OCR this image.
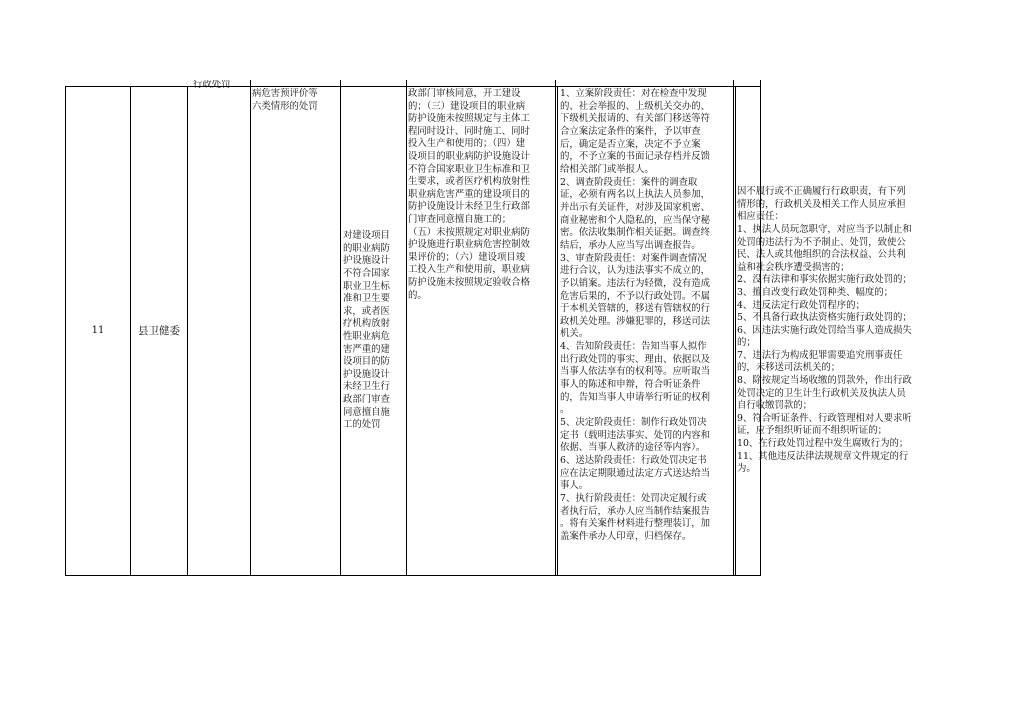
11	县卫健委
行政处罚
病危害预评价等
六类情形的处罚
对建设项目
的职业病防
护设施设计
不符合国家
职业卫生标
准和卫生要
求，或者医
疗机构放射
性职业病危
害严重的建
设项目的防
护设施设计
未经卫生行
政部门审查
同意擅自施
工的处罚
政部门审核同意，开工建设
的；（三）建设项目的职业病
防护设施未按照规定与主体工
程同时设计、同时施工、同时
投入生产和使用的；（四）建
设项目的职业病防护设施设计
不符合国家职业卫生标准和卫
生要求，或者医疗机构放射性
职业病危害严重的建设项目的
防护设施设计未经卫生行政部
门审查同意擅自施工的；
（五）未按照规定对职业病防
护设施进行职业病危害控制效
果评价的；（六）建设项目竣
工投入生产和使用前，职业病
防护设施未按照规定验收合格
的。
1、立案阶段责任：对在检查中发现
的、社会举报的、上级机关交办的、
下级机关报请的、有关部门移送等符
合立案法定条件的案件，予以审查
后，确定是否立案，决定不予立案
的，不予立案的书面记录存档并反馈
给相关部门或举报人。
2、调查阶段责任：案件的调查取
证，必须有两名以上执法人员参加，
并出示有关证件，对涉及国家机密、
商业秘密和个人隐私的，应当保守秘
密。依法收集制作相关证据。调查终
结后，承办人应当写出调查报告。
3、审查阶段责任：对案件调查情况
进行合议，认为违法事实不成立的，
予以销案。违法行为轻微，没有造成
危害后果的，不予以行政处罚。不属
于本机关管辖的，移送有管辖权的行
政机关处理。涉嫌犯罪的，移送司法
机关。
4、告知阶段责任：告知当事人拟作
出行政处罚的事实、理由、依据以及
当事人依法享有的权利等。应听取当
事人的陈述和申辩，符合听证条件
的，告知当事人申请举行听证的权利
。
5、决定阶段责任：制作行政处罚决
定书（载明违法事实、处罚的内容和
依据、当事人救济的途径等内容）。
6、送达阶段责任：行政处罚决定书
应在法定期限通过法定方式送达给当
事人。
7、执行阶段责任：处罚决定履行或
者执行后，承办人应当制作结案报告
。将有关案件材料进行整理装订，加
盖案件承办人印章，归档保存。
因不履行或不正确履行行政职责，有下列
情形的，行政机关及相关工作人员应承担
相应责任：
1、执法人员玩忽职守，对应当予以制止和
处罚的违法行为不予制止、处罚，致使公
民、法人或其他组织的合法权益、公共利
益和社会秩序遭受损害的；
2、没有法律和事实依据实施行政处罚的；
3、擅自改变行政处罚种类、幅度的；
4、违反法定行政处罚程序的；
5、不具备行政执法资格实施行政处罚的；
6、因违法实施行政处罚给当事人造成损失
的；
7、违法行为构成犯罪需要追究刑事责任
的，未移送司法机关的；
8、除按规定当场收缴的罚款外，作出行政
处罚决定的卫生计生行政机关及执法人员
自行收缴罚款的；
9、符合听证条件、行政管理相对人要求听
证，应予组织听证而不组织听证的；
10、在行政处罚过程中发生腐败行为的；
11、其他违反法律法规规章文件规定的行
为。
